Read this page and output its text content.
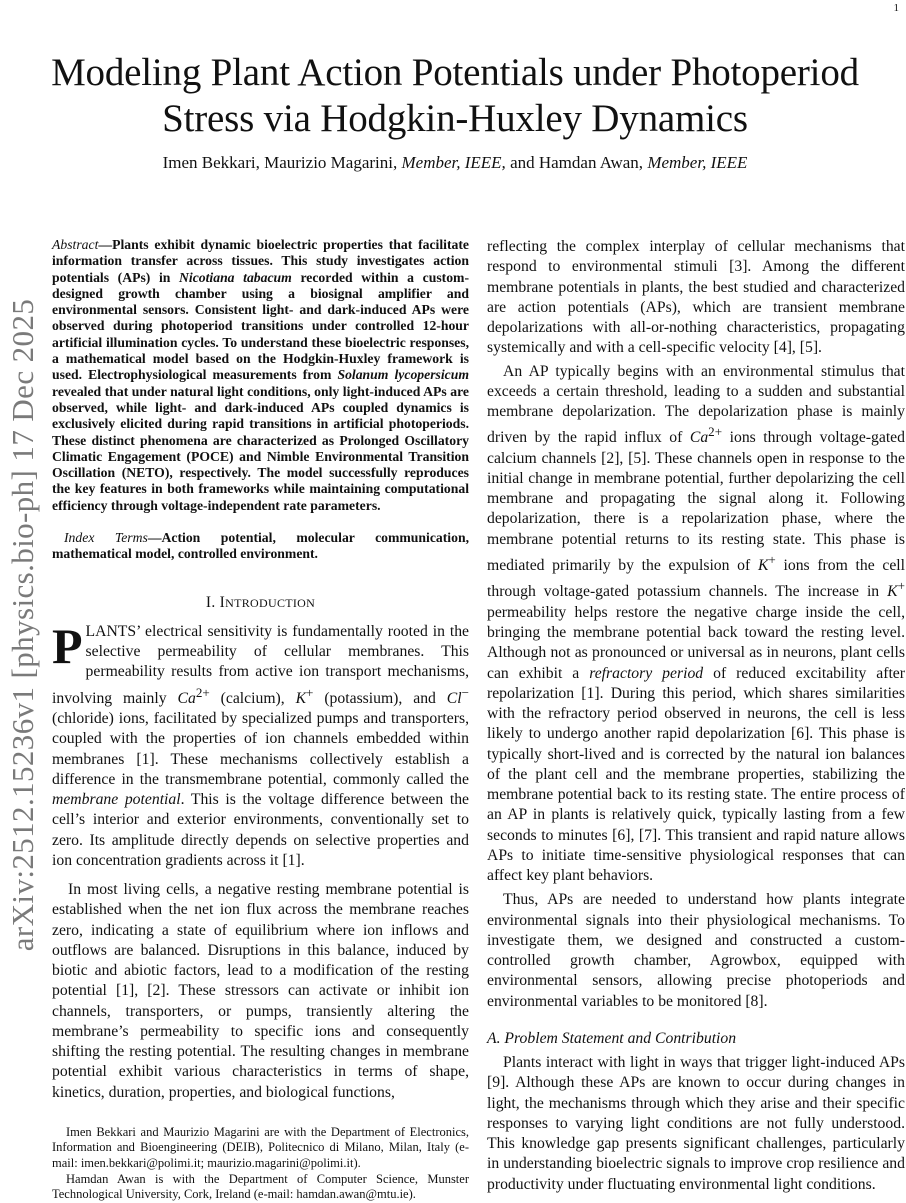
1
arXiv:2512.15236v1 [physics.bio-ph] 17 Dec 2025
Modeling Plant Action Potentials under Photoperiod
Stress via Hodgkin-Huxley Dynamics
Imen Bekkari, Maurizio Magarini, Member, IEEE, and Hamdan Awan, Member, IEEE
Abstract—Plants exhibit dynamic bioelectric properties that facilitate information transfer across tissues. This study investigates action potentials (APs) in Nicotiana tabacum recorded within a custom-designed growth chamber using a biosignal amplifier and environmental sensors. Consistent light- and dark-induced APs were observed during photoperiod transitions under controlled 12-hour artificial illumination cycles. To understand these bioelectric responses, a mathematical model based on the Hodgkin-Huxley framework is used. Electrophysiological measurements from Solanum lycopersicum revealed that under natural light conditions, only light-induced APs are observed, while light- and dark-induced APs coupled dynamics is exclusively elicited during rapid transitions in artificial photoperiods. These distinct phenomena are characterized as Prolonged Oscillatory Climatic Engagement (POCE) and Nimble Environmental Transition Oscillation (NETO), respectively. The model successfully reproduces the key features in both frameworks while maintaining computational efficiency through voltage-independent rate parameters.
Index Terms—Action potential, molecular communication, mathematical model, controlled environment.
I. INTRODUCTION

PLANTS’ electrical sensitivity is fundamentally rooted in the selective permeability of cellular membranes. This permeability results from active ion transport mechanisms, involving mainly $Ca^{2+}$ (calcium), K+ (potassium), and Cl− (chloride) ions, facilitated by specialized pumps and transporters, coupled with the properties of ion channels embedded within membranes [1]. These mechanisms collectively establish a difference in the transmembrane potential, commonly called the membrane potential. This is the voltage difference between the cell’s interior and exterior environments, conventionally set to zero. Its amplitude directly depends on selective properties and ion concentration gradients across it [1].

In most living cells, a negative resting membrane potential is established when the net ion flux across the membrane reaches zero, indicating a state of equilibrium where ion inflows and outflows are balanced. Disruptions in this balance, induced by biotic and abiotic factors, lead to a modification of the resting potential [1], [2]. These stressors can activate or inhibit ion channels, transporters, or pumps, transiently altering the membrane’s permeability to specific ions and consequently shifting the resting potential. The resulting changes in membrane potential exhibit various characteristics in terms of shape, kinetics, duration, properties, and biological functions,

Imen Bekkari and Maurizio Magarini are with the Department of Electronics, Information and Bioengineering (DEIB), Politecnico di Milano, Milan, Italy (e-mail: imen.bekkari@polimi.it; maurizio.magarini@polimi.it).

Hamdan Awan is with the Department of Computer Science, Munster Technological University, Cork, Ireland (e-mail: hamdan.awan@mtu.ie).

reflecting the complex interplay of cellular mechanisms that respond to environmental stimuli [3]. Among the different membrane potentials in plants, the best studied and characterized are action potentials (APs), which are transient membrane depolarizations with all-or-nothing characteristics, propagating systemically and with a cell-specific velocity [4], [5].

An AP typically begins with an environmental stimulus that exceeds a certain threshold, leading to a sudden and substantial membrane depolarization. The depolarization phase is mainly driven by the rapid influx of $Ca^{2+}$ ions through voltage-gated calcium channels [2], [5]. These channels open in response to the initial change in membrane potential, further depolarizing the cell membrane and propagating the signal along it. Following depolarization, there is a repolarization phase, where the membrane potential returns to its resting state. This phase is mediated primarily by the expulsion of K+ ions from the cell through voltage-gated potassium channels. The increase in K+ permeability helps restore the negative charge inside the cell, bringing the membrane potential back toward the resting level. Although not as pronounced or universal as in neurons, plant cells can exhibit a refractory period of reduced excitability after repolarization [1]. During this period, which shares similarities with the refractory period observed in neurons, the cell is less likely to undergo another rapid depolarization [6]. This phase is typically short-lived and is corrected by the natural ion balances of the plant cell and the membrane properties, stabilizing the membrane potential back to its resting state. The entire process of an AP in plants is relatively quick, typically lasting from a few seconds to minutes [6], [7]. This transient and rapid nature allows APs to initiate time-sensitive physiological responses that can affect key plant behaviors.

Thus, APs are needed to understand how plants integrate environmental signals into their physiological mechanisms. To investigate them, we designed and constructed a custom-controlled growth chamber, Agrowbox, equipped with environmental sensors, allowing precise photoperiods and environmental variables to be monitored [8].

A. Problem Statement and Contribution

Plants interact with light in ways that trigger light-induced APs [9]. Although these APs are known to occur during changes in light, the mechanisms through which they arise and their specific responses to varying light conditions are not fully understood. This knowledge gap presents significant challenges, particularly in understanding bioelectric signals to improve crop resilience and productivity under fluctuating environmental light conditions.
